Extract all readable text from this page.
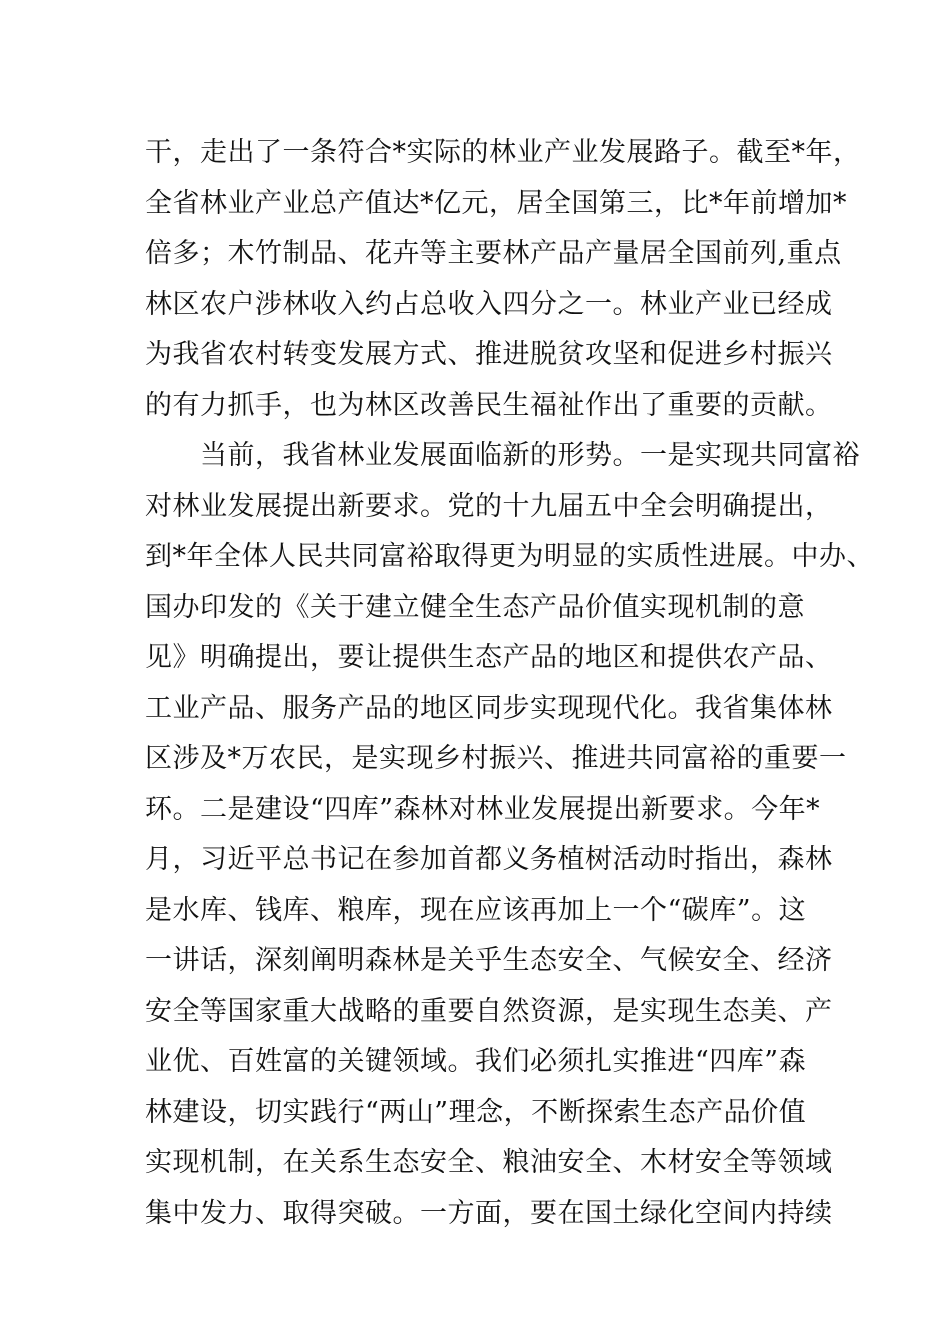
干，走出了一条符合*实际的林业产业发展路子。截至*年，
全省林业产业总产值达*亿元，居全国第三，比*年前增加*
倍多；木竹制品、花卉等主要林产品产量居全国前列,重点
林区农户涉林收入约占总收入四分之一。林业产业已经成
为我省农村转变发展方式、推进脱贫攻坚和促进乡村振兴
的有力抓手，也为林区改善民生福祉作出了重要的贡献。
　　当前，我省林业发展面临新的形势。一是实现共同富裕
对林业发展提出新要求。党的十九届五中全会明确提出，
到*年全体人民共同富裕取得更为明显的实质性进展。中办、
国办印发的《关于建立健全生态产品价值实现机制的意
见》明确提出，要让提供生态产品的地区和提供农产品、
工业产品、服务产品的地区同步实现现代化。我省集体林
区涉及*万农民，是实现乡村振兴、推进共同富裕的重要一
环。二是建设“四库”森林对林业发展提出新要求。今年*
月，习近平总书记在参加首都义务植树活动时指出，森林
是水库、钱库、粮库，现在应该再加上一个“碳库”。这
一讲话，深刻阐明森林是关乎生态安全、气候安全、经济
安全等国家重大战略的重要自然资源，是实现生态美、产
业优、百姓富的关键领域。我们必须扎实推进“四库”森
林建设，切实践行“两山”理念，不断探索生态产品价值
实现机制，在关系生态安全、粮油安全、木材安全等领域
集中发力、取得突破。一方面，要在国土绿化空间内持续
